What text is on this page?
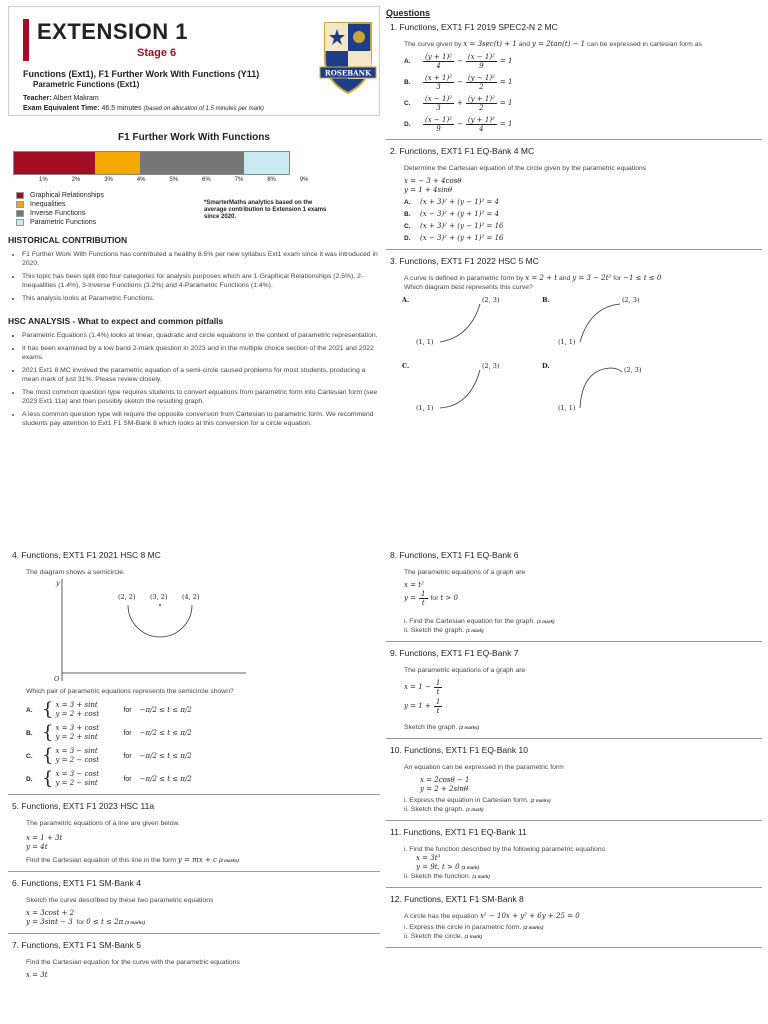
EXTENSION 1
Stage 6
Functions (Ext1), F1 Further Work With Functions (Y11)
Parametric Functions (Ext1)
Teacher: Albert Makram
Exam Equivalent Time: 46.5 minutes (based on allocation of 1.5 minutes per mark)
ROSEBANK
F1 Further Work With Functions
1%	2%	3%	4%	5%	6%	7%	8%	9%
Graphical Relationships
Inequalities
Inverse Functions
Parametric Functions
*SmarterMaths analytics based on the average contribution to Extension 1 exams since 2020.
HISTORICAL CONTRIBUTION
• F1 Further Work With Functions has contributed a healthy 8.5% per new syllabus Ext1 exam since it was introduced in 2020.
• This topic has been split into four categories for analysis purposes which are 1-Graphical Relationships (2.5%), 2-Inequalities (1.4%), 3-Inverse Functions (3.2%) and 4-Parametric Functions (1.4%).
• This analysis looks at Parametric Functions.
HSC ANALYSIS - What to expect and common pitfalls
• Parametric Equations (1.4%) looks at linear, quadratic and circle equations in the context of parametric representation.
• It has been examined by a low band 2-mark question in 2023 and in the multiple choice section of the 2021 and 2022 exams.
• 2021 Ext1 8 MC involved the parametric equation of a semi-circle caused problems for most students, producing a mean mark of just 31%. Please review closely.
• The most common question type requires students to convert equations from parametric form into Cartesian form (see 2023 Ext1 11a) and then possibly sketch the resulting graph.
• A less common question type will require the opposite conversion from Cartesian to parametric form. We recommend students pay attention to Ext1 F1 SM-Bank 8 which looks at this conversion for a circle equation.
Questions
1. Functions, EXT1 F1 2019 SPEC2-N 2 MC
The curve given by x = 3sec(t) + 1 and y = 2tan(t) − 1 can be expressed in cartesian form as
A.	$\frac{\text{(y + 1)²}}{4} - \frac{\text{(x − 1)²}}{9} = 1$
B.	$\frac{\text{(x + 1)²}}{3} - \frac{\text{(y − 1)²}}{2} = 1$
C.	$\frac{\text{(x − 1)²}}{3} + \frac{\text{(y + 1)²}}{2} = 1$
D.	$\frac{\text{(x − 1)²}}{9} - \frac{\text{(y + 1)²}}{4} = 1$
2. Functions, EXT1 F1 EQ-Bank 4 MC
Determine the Cartesian equation of the circle given by the parametric equations
x = − 3 + 4cosθ
y = 1 + 4sinθ
A.	(x + 3)² + (y − 1)² = 4
B.	(x − 3)² + (y + 1)² = 4
C.	(x + 3)² + (y − 1)² = 16
D.	(x − 3)² + (y + 1)² = 16
3. Functions, EXT1 F1 2022 HSC 5 MC
A curve is defined in parametric form by x = 2 + t and y = 3 − 2t² for −1 ≤ t ≤ 0
Which diagram best represents this curve?
A.	(2, 3)
(1, 1)
B.	(2, 3)
(1, 1)
C.	(2, 3)
(1, 1)
D.	(2, 3)
(1, 1)
4. Functions, EXT1 F1 2021 HSC 8 MC
The diagram shows a semicircle.
y
O
(2, 2) (3, 2) (4, 2)
Which pair of parametric equations represents the semicircle shown?
A. { x = 3 + sint
y = 2 + cost	for −π/2 ≤ t ≤ π/2
B. { x = 3 + cost
y = 2 + sint	for −π/2 ≤ t ≤ π/2
C. { x = 3 − sint
y = 2 − cost	for −π/2 ≤ t ≤ π/2
D. { x = 3 − cost
y = 2 − sint	for −π/2 ≤ t ≤ π/2
5. Functions, EXT1 F1 2023 HSC 11a
The parametric equations of a line are given below.
x = 1 + 3t
y = 4t
Find the Cartesian equation of this line in the form y = mx + c (2 marks)
6. Functions, EXT1 F1 SM-Bank 4
Sketch the curve described by these two parametric equations
x = 3cost + 2
y = 3sint − 3 for 0 ≤ t ≤ 2π (3 marks)
7. Functions, EXT1 F1 SM-Bank 5
Find the Cartesian equation for the curve with the parametric equations
x = 3t
8. Functions, EXT1 F1 EQ-Bank 6
The parametric equations of a graph are
x = t²
$y = \frac{1}{t}$ for
t > 0
i. Find the Cartesian equation for the graph. (1 mark)
ii. Sketch the graph. (1 mark)
9. Functions, EXT1 F1 EQ-Bank 7
The parametric equations of a graph are
$x = 1 - \frac{1}{t}$
$y = 1 + \frac{1}{t}$
Sketch the graph. (2 marks)
10. Functions, EXT1 F1 EQ-Bank 10
An equation can be expressed in the parametric form
x = 2cosθ − 1
y = 2 + 2sinθ
i. Express the equation in Cartesian form. (2 marks)
ii. Sketch the graph. (1 mark)
11. Functions, EXT1 F1 EQ-Bank 11
i. Find the function described by the following parametric equations
x = 3t³
y = 9t, t > 0 (1 mark)
ii. Sketch the function. (1 mark)
12. Functions, EXT1 F1 SM-Bank 8
A circle has the equation x² − 10x + y² + 6y + 25 = 0
i. Express the circle in parametric form. (2 marks)
ii. Sketch the circle. (1 mark)
